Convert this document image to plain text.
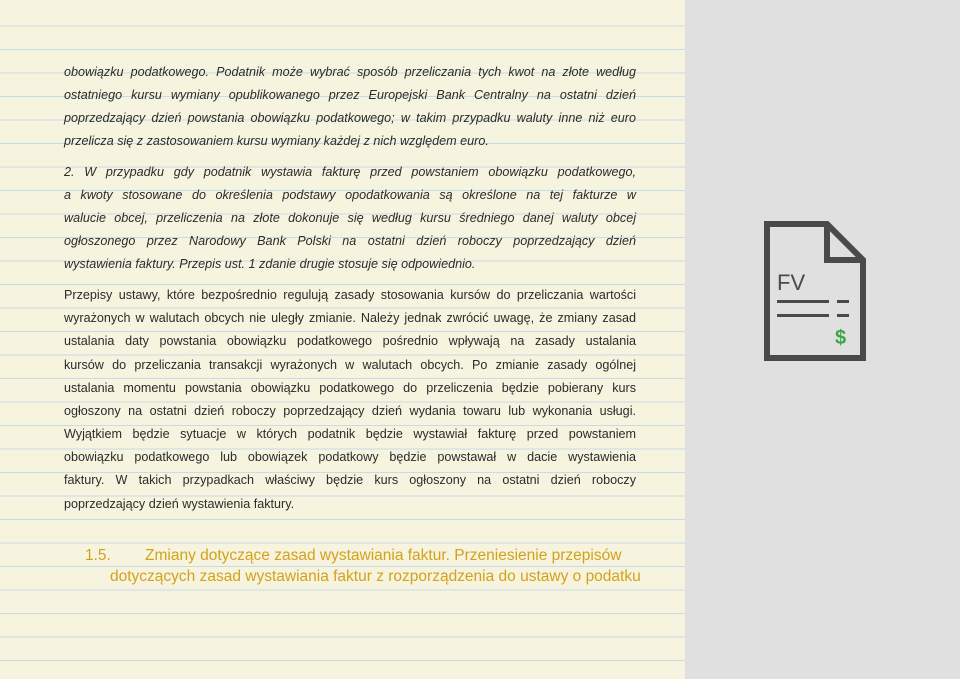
obowiązku podatkowego. Podatnik może wybrać sposób przeliczania tych kwot na złote według
ostatniego kursu wymiany opublikowanego przez Europejski Bank Centralny na ostatni dzień
poprzedzający dzień powstania obowiązku podatkowego; w takim przypadku waluty inne niż euro
przelicza się z zastosowaniem kursu wymiany każdej z nich względem euro.
2. W przypadku gdy podatnik wystawia fakturę przed powstaniem obowiązku podatkowego,
a kwoty stosowane do określenia podstawy opodatkowania są określone na tej fakturze w
walucie obcej, przeliczenia na złote dokonuje się według kursu średniego danej waluty obcej
ogłoszonego przez Narodowy Bank Polski na ostatni dzień roboczy poprzedzający dzień
wystawienia faktury. Przepis ust. 1 zdanie drugie stosuje się odpowiednio.
Przepisy ustawy, które bezpośrednio regulują zasady stosowania kursów do przeliczania wartości
wyrażonych w walutach obcych nie uległy zmianie. Należy jednak zwrócić uwagę, że zmiany zasad
ustalania daty powstania obowiązku podatkowego pośrednio wpływają na zasady ustalania
kursów do przeliczania transakcji wyrażonych w walutach obcych. Po zmianie zasady ogólnej
ustalania momentu powstania obowiązku podatkowego do przeliczenia będzie pobierany kurs
ogłoszony na ostatni dzień roboczy poprzedzający dzień wydania towaru lub wykonania usługi.
Wyjątkiem będzie sytuacje w których podatnik będzie wystawiał fakturę przed powstaniem
obowiązku podatkowego lub obowiązek podatkowy będzie powstawał w dacie wystawienia
faktury. W takich przypadkach właściwy będzie kurs ogłoszony na ostatni dzień roboczy
poprzedzający dzień wystawienia faktury.
1.5. Zmiany dotyczące zasad wystawiania faktur. Przeniesienie przepisów
dotyczących zasad wystawiania faktur z rozporządzenia do ustawy o podatku
FV
$
